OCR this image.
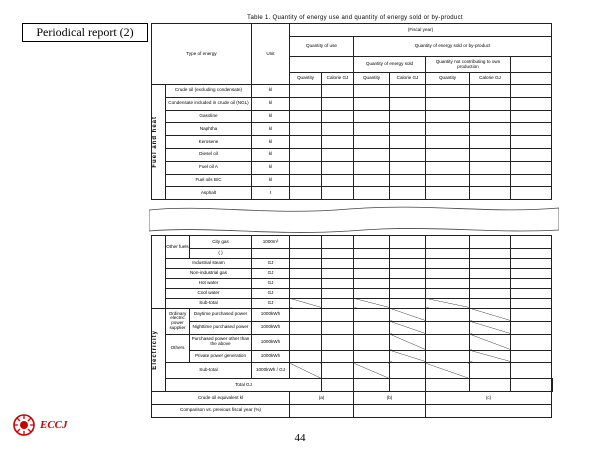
Periodical report (2)
Table 1. Quantity of energy use and quantity of energy sold or by-product
Type of energy			Unit	(Fiscal year)							
				Quantity of use		Quantity of energy sold or by-product					
						Quantity of energy sold		Quantity not contributing to own production			
				Quantity	Calorie GJ	Quantity	Calorie GJ	Quantity	Calorie GJ		

Fuel and heat	Crude oil (excluding condensate)		kl								
	Condensate included in crude oil (NGL)		kl								
	Gasoline		kl								
	Naphtha		kl								
	Kerosene		kl								
	Diesel oil		kl								
	Fuel oil A		kl								
	Fuel oils B/C		kl								
	Asphalt		t								

	Other fuels	City gas	1000m³								
		( )									
	Industrial steam		GJ								
	Non-industrial gas		GJ								
	Hot water		GJ								
	Cool water		GJ								
	Sub-total		GJ								

Electricity	Ordinary electric power supplier	Daytime purchased power	1000kWh								
		Nighttime purchased power	1000kWh								
	Others	Purchased power other than the above	1000kWh								
		Private power generation	1000kWh								
	Sub-total		1000kWh / GJ								
	Total GJ										
Crude oil equivalent kl				(a)		(b)		(c)			
Comparison vs. previous fiscal year (%)											
ECCJ
44
